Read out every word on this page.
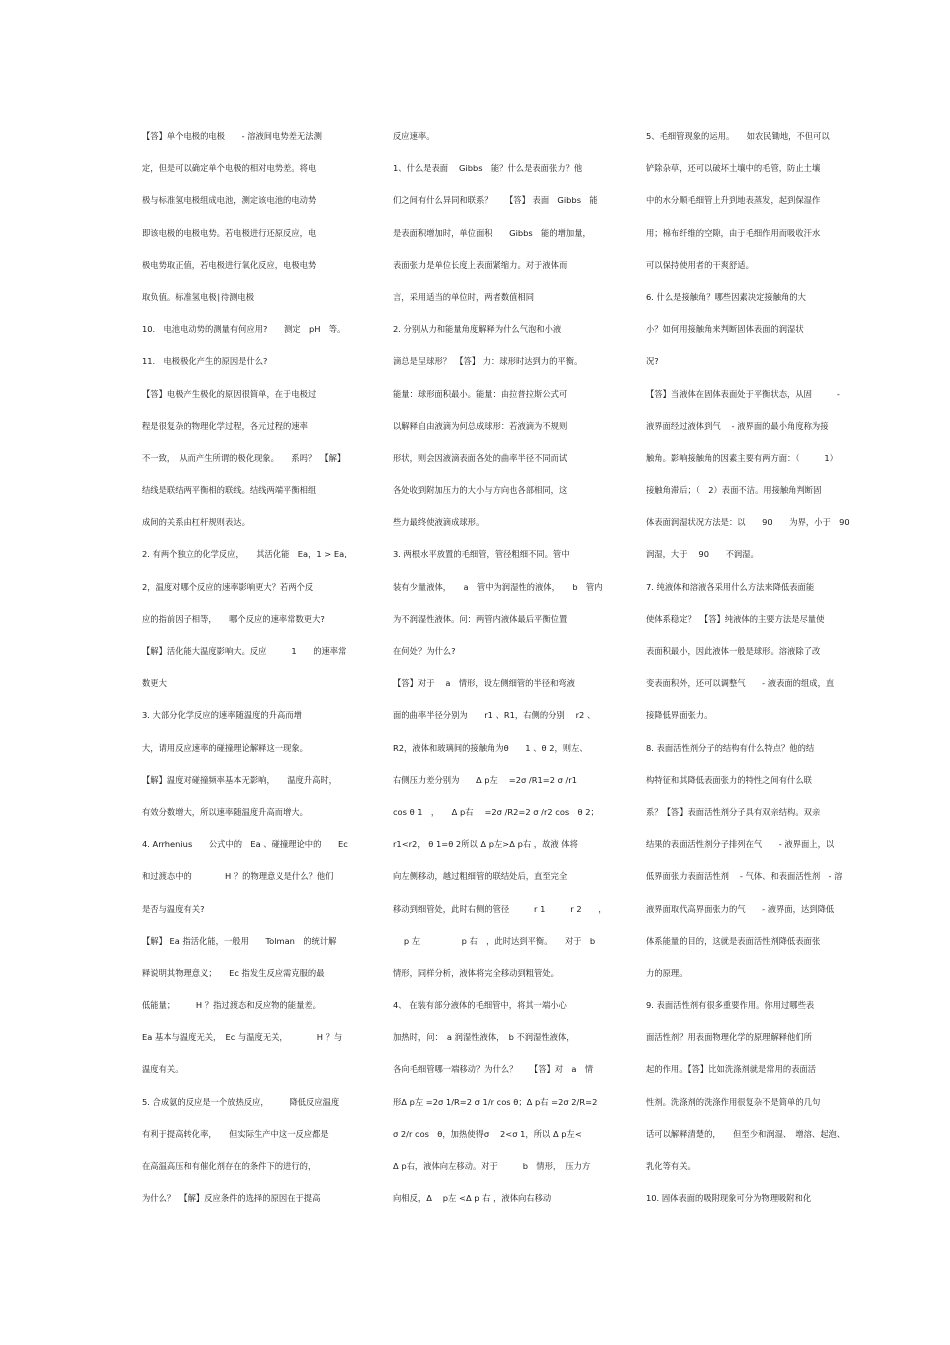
【答】单个电极的电极　　- 溶液间电势差无法测
定，但是可以确定单个电极的相对电势差。将电
极与标准氢电极组成电池，测定该电池的电动势
即该电极的电极电势。若电极进行还原反应，电
极电势取正值，若电极进行氧化反应，电极电势
取负值。标准氢电极∣待测电极
10.　电池电动势的测量有何应用?　　测定　pH　等。
11.　电极极化产生的原因是什么?
【答】电极产生极化的原因很简单，在于电极过
程是很复杂的物理化学过程，各元过程的速率
不一致，　从而产生所谓的极化现象。　　系吗？　【解】
结线是联结两平衡相的联线。结线两端平衡相组
成间的关系由杠杆规则表达。
2. 有两个独立的化学反应，　　其活化能　Ea，1 > Ea,
2，温度对哪个反应的速率影响更大？若两个反
应的指前因子相等，　　哪个反应的速率常数更大?
【解】活化能大温度影响大。反应　　　1　　的速率常
数更大
3. 大部分化学反应的速率随温度的升高而增
大，请用反应速率的碰撞理论解释这一现象。
【解】温度对碰撞频率基本无影响，　　温度升高时，
有效分数增大，所以速率随温度升高而增大。
4. Arrhenius　　公式中的　Ea 、碰撞理论中的　　Ec
和过渡态中的　　　　H ？的物理意义是什么？他们
是否与温度有关?
【解】 Ea 指活化能，一般用　　Tolman　的统计解
释说明其物理意义；　　Ec 指发生反应需克服的最
低能量；　　　H ？指过渡态和反应物的能量差。
Ea 基本与温度无关，　Ec 与温度无关，　　　　H ？与
温度有关。
5. 合成氨的反应是一个放热反应，　　　降低反应温度
有利于提高转化率，　　但实际生产中这一反应都是
在高温高压和有催化剂存在的条件下的进行的，
为什么？　【解】反应条件的选择的原因在于提高
反应速率。
1、什么是表面　 Gibbs　能？什么是表面张力？他
们之间有什么异同和联系？　　【答】 表面　Gibbs　能
是表面积增加时，单位面积　　Gibbs　能的增加量，
表面张力是单位长度上表面紧缩力。对于液体而
言，采用适当的单位时，两者数值相同
2. 分别从力和能量角度解释为什么气泡和小液
滴总是呈球形？　【答】 力：球形时达到力的平衡。
能量：球形面积最小。能量：由拉普拉斯公式可
以解释自由液滴为何总成球形：若液滴为不规则
形状，则会因液滴表面各处的曲率半径不同而试
各处收到附加压力的大小与方向也各部相同，这
些力最终使液滴成球形。
3. 两根水平放置的毛细管，管径粗细不同。管中
装有少量液体，　　a　管中为润湿性的液体，　　b　管内
为不润湿性液体。问：两管内液体最后平衡位置
在何处？为什么?
【答】对于　 a　情形，设左侧细管的半径和弯液
面的曲率半径分别为　　r1 、R1，右侧的分别　 r2 、
R2，液体和玻璃间的接触角为θ　　1 、θ 2，则左、
右侧压力差分别为　　Δ p左　 =2σ /R1=2 σ /r1
cos θ 1　，　　Δ p右　 =2σ /R2=2 σ /r2 cos　θ 2；
r1<r2， θ 1=θ 2所以 Δ p左>Δ p右 ，故液 体将
向左侧移动，越过粗细管的联结处后，直至完全
移动到细管处，此时右侧的管径　　　r 1　　　r 2　　，
　 p 左　　　　　p 右　，此时达到平衡。　　对于　b
情形，同样分析，液体将完全移动到粗管处。
4、 在装有部分液体的毛细管中，将其一端小心
加热时，问：　a 润湿性液体，　b 不润湿性液体，
各向毛细管哪一端移动？为什么？　　【答】对　a　情
形Δ p左 =2σ 1/R=2 σ 1/r cos θ；Δ p右 =2σ 2/R=2
σ 2/r cos　θ，加热使得σ　 2<σ 1，所以 Δ p左<
Δ p右，液体向左移动。对于　　　b　情形，　压力方
向相反，Δ　 p左 <Δ p 右 ，液体向右移动
5、毛细管现象的运用。　　如农民锄地，不但可以
铲除杂草，还可以破坏土壤中的毛管，防止土壤
中的水分顺毛细管上升到地表蒸发，起到保湿作
用；棉布纤维的空隙，由于毛细作用而吸收汗水
可以保持使用者的干爽舒适。
6. 什么是接触角？哪些因素决定接触角的大
小？如何用接触角来判断固体表面的润湿状
况?
【答】当液体在固体表面处于平衡状态，从固　　　-
液界面经过液体到气　 - 液界面的最小角度称为接
触角。影响接触角的因素主要有两方面：（　　　1）
接触角滞后；（　2）表面不洁。用接触角判断固
体表面润湿状况方法是：以　　90　　为界，小于　90
润湿，大于　 90　　不润湿。
7. 纯液体和溶液各采用什么方法来降低表面能
使体系稳定？　【答】纯液体的主要方法是尽量使
表面积最小，因此液体一般是球形。溶液除了改
变表面积外，还可以调整气　　- 液表面的组成，直
接降低界面张力。
8. 表面活性剂分子的结构有什么特点？他的结
构特征和其降低表面张力的特性之间有什么联
系？【答】表面活性剂分子具有双亲结构。双亲
结果的表面活性剂分子排列在气　　- 液界面上，以
低界面张力表面活性剂　 - 气体、和表面活性剂　- 溶
液界面取代高界面张力的气　　- 液界面，达到降低
体系能量的目的，这就是表面活性剂降低表面张
力的原理。
9. 表面活性剂有很多重要作用。你用过哪些表
面活性剂？用表面物理化学的原理解释他们所
起的作用。【答】比如洗涤剂就是常用的表面活
性剂。洗涤剂的洗涤作用很复杂不是简单的几句
话可以解释清楚的，　　但至少和润湿、　增溶、起泡、
乳化等有关。
10. 固体表面的吸附现象可分为物理吸附和化
